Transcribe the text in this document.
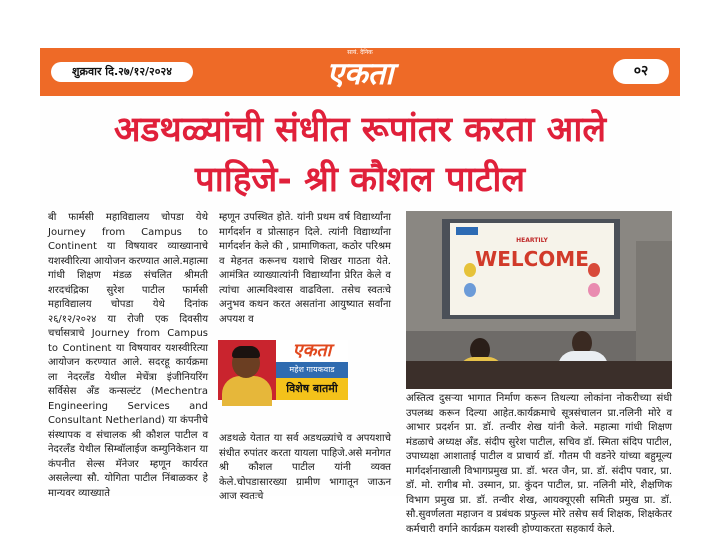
शुक्रवार दि.२७/१२/२०२४
सायं. दैनिक
एकता	०२
अडथळ्यांची संधीत रूपांतर करता आले
पाहिजे- श्री कौशल पाटील
बी फार्मसी महाविद्यालय चोपडा येथे Journey from Campus to Continent या विषयावर व्याख्यानाचे यशस्वीरित्या आयोजन करण्यात आले.महात्मा गांधी शिक्षण मंडळ संचलित श्रीमती शरदचंद्रिका सुरेश पाटील फार्मसी महाविद्यालय चोपडा येथे दिनांक २६/१२/२०२४ या रोजी एक दिवसीय चर्चासत्राचे Journey from Campus to Continent या विषयावर यशस्वीरित्या आयोजन करण्यात आले. सदरहू कार्यक्रमा ला नेदरलँड येथील मेचेंत्रा इंजीनियरिंग सर्विसेस अँड कन्सल्टंट (Mechentra Engineering Services and Consultant Netherland) या कंपनीचे संस्थापक व संचालक श्री कौशल पाटील व नेदरलँड येथील सिम्बॉलाईज कम्युनिकेशन या कंपनीत सेल्स मॅनेजर म्हणून कार्यरत असलेल्या सौ. योगिता पाटील निंबाळकर हे मान्यवर व्याख्याते
म्हणून उपस्थित होते. यांनी प्रथम वर्ष विद्यार्थ्यांना मार्गदर्शन व प्रोत्साहन दिले. त्यांनी विद्यार्थ्यांना मार्गदर्शन केले की , प्रामाणिकता, कठोर परिश्रम व मेहनत करूनच यशाचे शिखर गाठता येते. आमंत्रित व्याख्यात्यांनी विद्यार्थ्यांना प्रेरित केले व त्यांचा आत्मविश्वास वाढविला. तसेच स्वतःचे अनुभव कथन करत असतांना आयुष्यात सर्वांना अपयश व
अडथळे येतात या सर्व अडथळ्यांचे व अपयशाचे संधीत रुपांतर करता यायला पाहिजे.असे मनोगत श्री कौशल पाटील यांनी व्यक्त केले.चोपडासारख्या ग्रामीण भागातून जाऊन आज स्वतःचे
HEARTILY
WELCOME
एकता
महेश गायकवाड
विशेष बातमी
अस्तित्व दुसऱ्या भागात निर्माण करून तिथल्या लोकांना नोकरीच्या संधी उपलब्ध करून दिल्या आहेत.कार्यक्रमाचे सूत्रसंचालन प्रा.नलिनी मोरे व आभार प्रदर्शन प्रा. डॉ. तन्वीर शेख यांनी केले. महात्मा गांधी शिक्षण मंडळाचे अध्यक्ष अँड. संदीप सुरेश पाटील, सचिव डॉ. स्मिता संदिप पाटील, उपाध्यक्षा आशाताई पाटील व प्राचार्य डॉ. गौतम पी वडनेरे यांच्या बहुमूल्य मार्गदर्शनाखाली विभागप्रमुख प्रा. डॉ. भरत जैन, प्रा. डॉ. संदीप पवार, प्रा. डॉ. मो. रागीब मो. उस्मान, प्रा. कुंदन पाटील, प्रा. नलिनी मोरे, शैक्षणिक विभाग प्रमुख प्रा. डॉ. तन्वीर शेख, आयक्यूएसी समिती प्रमुख प्रा. डॉ. सौ.सुवर्णलता महाजन व प्रबंधक प्रफुल्ल मोरे तसेच सर्व शिक्षक, शिक्षकेतर कर्मचारी वर्गाने कार्यक्रम यशस्वी होण्याकरता सहकार्य केले.
